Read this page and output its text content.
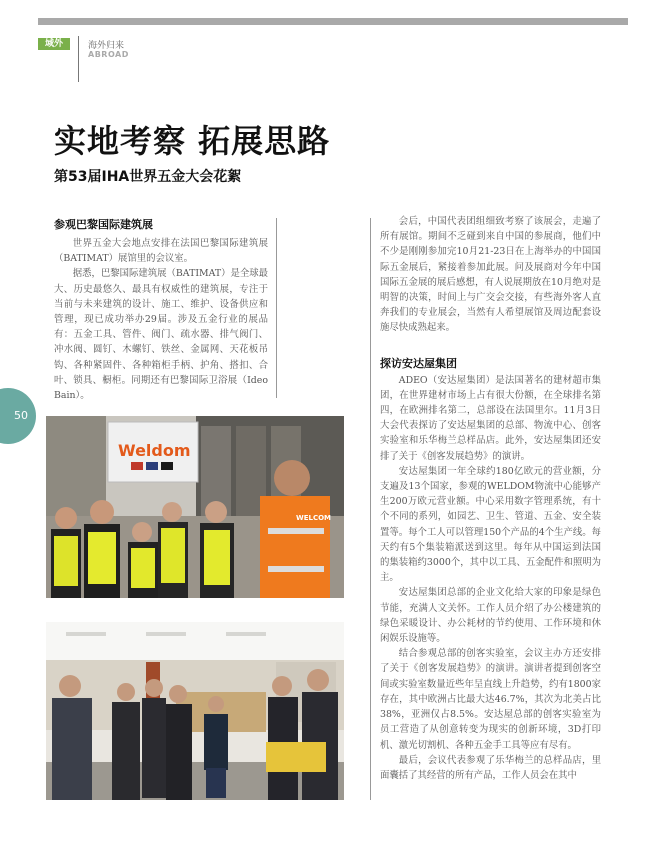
域外	海外归来
ABROAD
实地考察 拓展思路
第53届IHA世界五金大会花絮
50
参观巴黎国际建筑展

世界五金大会地点安排在法国巴黎国际建筑展（BATIMAT）展馆里的会议室。

据悉，巴黎国际建筑展（BATIMAT）是全球最大、历史最悠久、最具有权威性的建筑展，专注于当前与未来建筑的设计、施工、维护、设备供应和管理，现已成功举办29届。涉及五金行业的展品有：五金工具、管件、阀门、疏水器、排气阀门、冲水阀、圆钉、木螺钉、铁丝、金属网、天花板吊钩、各种紧固件、各种箱柜手柄、护角、搭扣、合叶、锁具、橱柜。同期还有巴黎国际卫浴展（Ideo Bain）。

Weldom
WELCOM

会后，中国代表团组细致考察了该展会，走遍了所有展馆。期间不乏碰到来自中国的参展商，他们中不少是刚刚参加完10月21-23日在上海举办的中国国际五金展后，紧接着参加此展。问及展商对今年中国国际五金展的展后感想，有人说展期放在10月绝对是明智的决策，时间上与广交会交接，有些海外客人直奔我们的专业展会，当然有人希望展馆及周边配套设施尽快成熟起来。

探访安达屋集团

ADEO（安达屋集团）是法国著名的建材超市集团，在世界建材市场上占有很大份额，在全球排名第四，在欧洲排名第二，总部设在法国里尔。11月3日大会代表探访了安达屋集团的总部、物流中心、创客实验室和乐华梅兰总样品店。此外，安达屋集团还安排了关于《创客发展趋势》的演讲。

安达屋集团一年全球约180亿欧元的营业额，分支遍及13个国家，参观的WELDOM物流中心能够产生200万欧元营业额。中心采用数字管理系统，有十个不同的系列，如园艺、卫生、管道、五金、安全装置等。每个工人可以管理150个产品的4个生产线。每天约有5个集装箱派送到这里。每年从中国运到法国的集装箱约3000个，其中以工具、五金配件和照明为主。

安达屋集团总部的企业文化给大家的印象是绿色节能，充满人文关怀。工作人员介绍了办公楼建筑的绿色采暖设计、办公耗材的节约使用、工作环境和休闲娱乐设施等。

结合参观总部的创客实验室，会议主办方还安排了关于《创客发展趋势》的演讲。演讲者提到创客空间或实验室数量近些年呈直线上升趋势，约有1800家存在，其中欧洲占比最大达46.7%，其次为北美占比38%，亚洲仅占8.5%。安达屋总部的创客实验室为员工营造了从创意转变为现实的创新环境，3D打印机、激光切割机、各种五金手工具等应有尽有。

最后，会议代表参观了乐华梅兰的总样品店，里面囊括了其经营的所有产品，工作人员会在其中
